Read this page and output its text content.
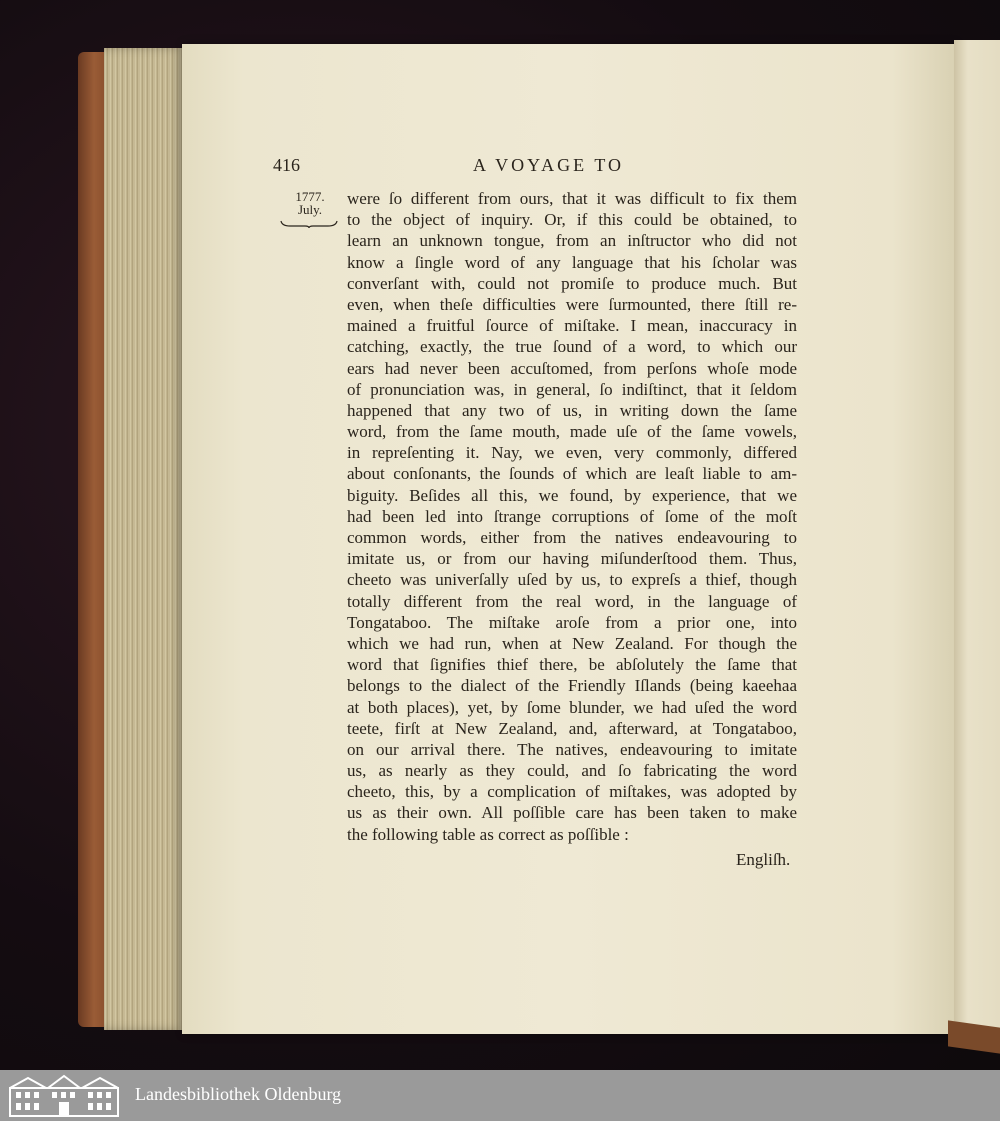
416	A VOYAGE TO
1777.
July.
were ſo different from ours, that it was difficult to fix them
to the object of inquiry. Or, if this could be obtained, to
learn an unknown tongue, from an inſtructor who did not
know a ſingle word of any language that his ſcholar was
converſant with, could not promiſe to produce much. But
even, when theſe difficulties were ſurmounted, there ſtill re-
mained a fruitful ſource of miſtake. I mean, inaccuracy in
catching, exactly, the true ſound of a word, to which our
ears had never been accuſtomed, from perſons whoſe mode
of pronunciation was, in general, ſo indiſtinct, that it ſeldom
happened that any two of us, in writing down the ſame
word, from the ſame mouth, made uſe of the ſame vowels,
in repreſenting it. Nay, we even, very commonly, differed
about conſonants, the ſounds of which are leaſt liable to am-
biguity. Beſides all this, we found, by experience, that we
had been led into ſtrange corruptions of ſome of the moſt
common words, either from the natives endeavouring to
imitate us, or from our having miſunderſtood them. Thus,
cheeto was univerſally uſed by us, to expreſs a thief, though
totally different from the real word, in the language of
Tongataboo. The miſtake aroſe from a prior one, into
which we had run, when at New Zealand. For though the
word that ſignifies thief there, be abſolutely the ſame that
belongs to the dialect of the Friendly Iſlands (being kaeehaa
at both places), yet, by ſome blunder, we had uſed the word
teete, firſt at New Zealand, and, afterward, at Tongataboo,
on our arrival there. The natives, endeavouring to imitate
us, as nearly as they could, and ſo fabricating the word
cheeto, this, by a complication of miſtakes, was adopted by
us as their own. All poſſible care has been taken to make
the following table as correct as poſſible :
Engliſh.
Landesbibliothek Oldenburg
